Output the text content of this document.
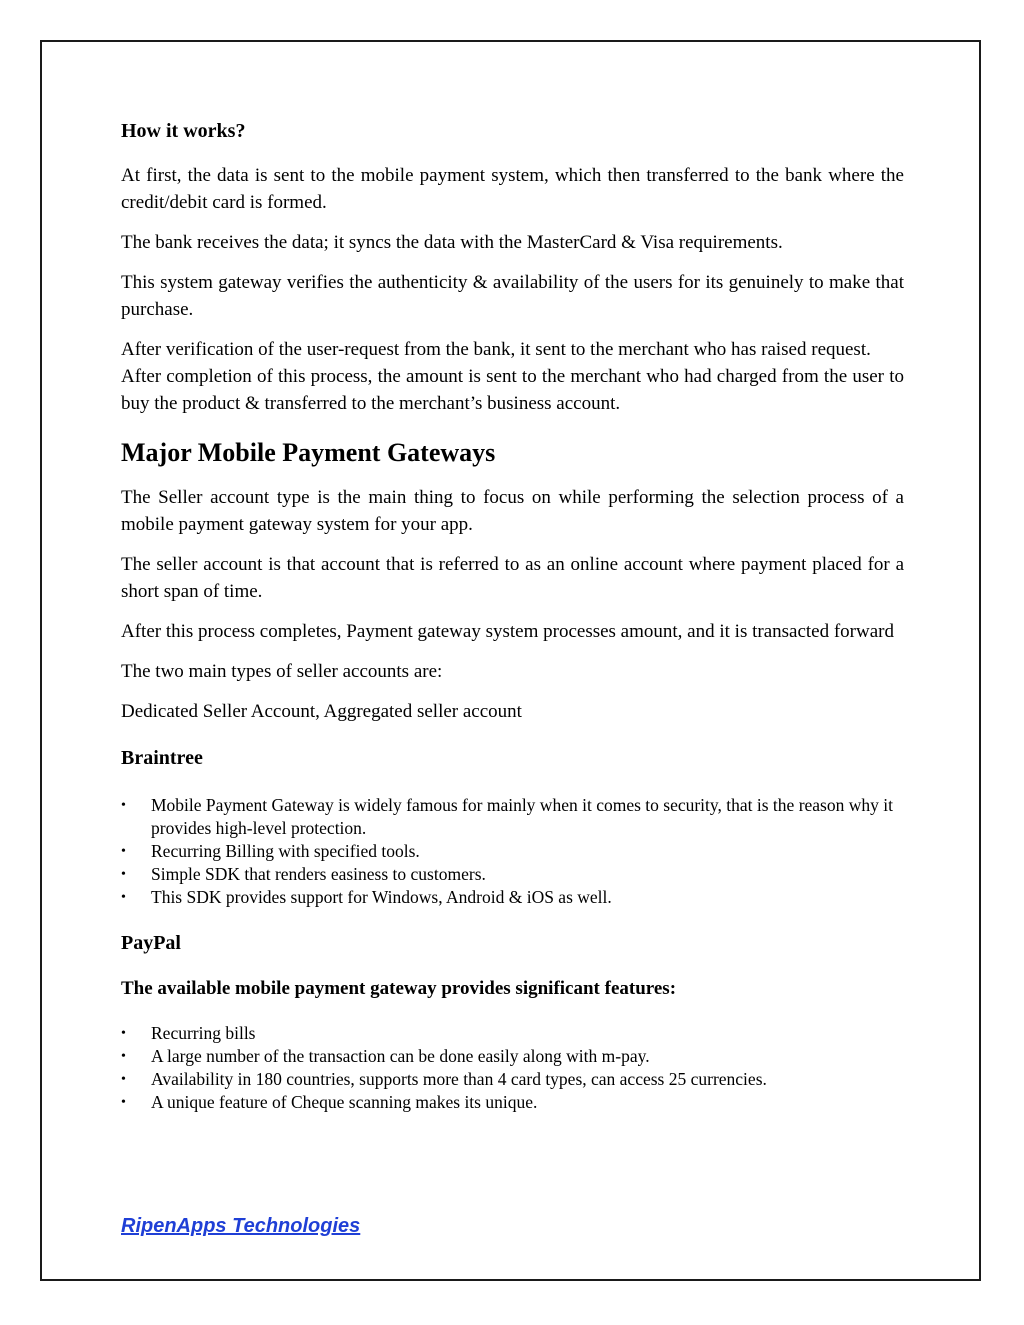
How it works?

At first, the data is sent to the mobile payment system, which then transferred to the bank where the credit/debit card is formed.

The bank receives the data; it syncs the data with the MasterCard & Visa requirements.

This system gateway verifies the authenticity & availability of the users for its genuinely to make that purchase.

After verification of the user-request from the bank, it sent to the merchant who has raised request.

After completion of this process, the amount is sent to the merchant who had charged from the user to buy the product & transferred to the merchant’s business account.

Major Mobile Payment Gateways

The Seller account type is the main thing to focus on while performing the selection process of a mobile payment gateway system for your app.

The seller account is that account that is referred to as an online account where payment placed for a short span of time.

After this process completes, Payment gateway system processes amount, and it is transacted forward

The two main types of seller accounts are:

Dedicated Seller Account, Aggregated seller account

Braintree
• Mobile Payment Gateway is widely famous for mainly when it comes to security, that is the reason why it provides high-level protection.
• Recurring Billing with specified tools.
• Simple SDK that renders easiness to customers.
• This SDK provides support for Windows, Android & iOS as well.
PayPal
The available mobile payment gateway provides significant features:
• Recurring bills
• A large number of the transaction can be done easily along with m-pay.
• Availability in 180 countries, supports more than 4 card types, can access 25 currencies.
• A unique feature of Cheque scanning makes its unique.
RipenApps Technologies
